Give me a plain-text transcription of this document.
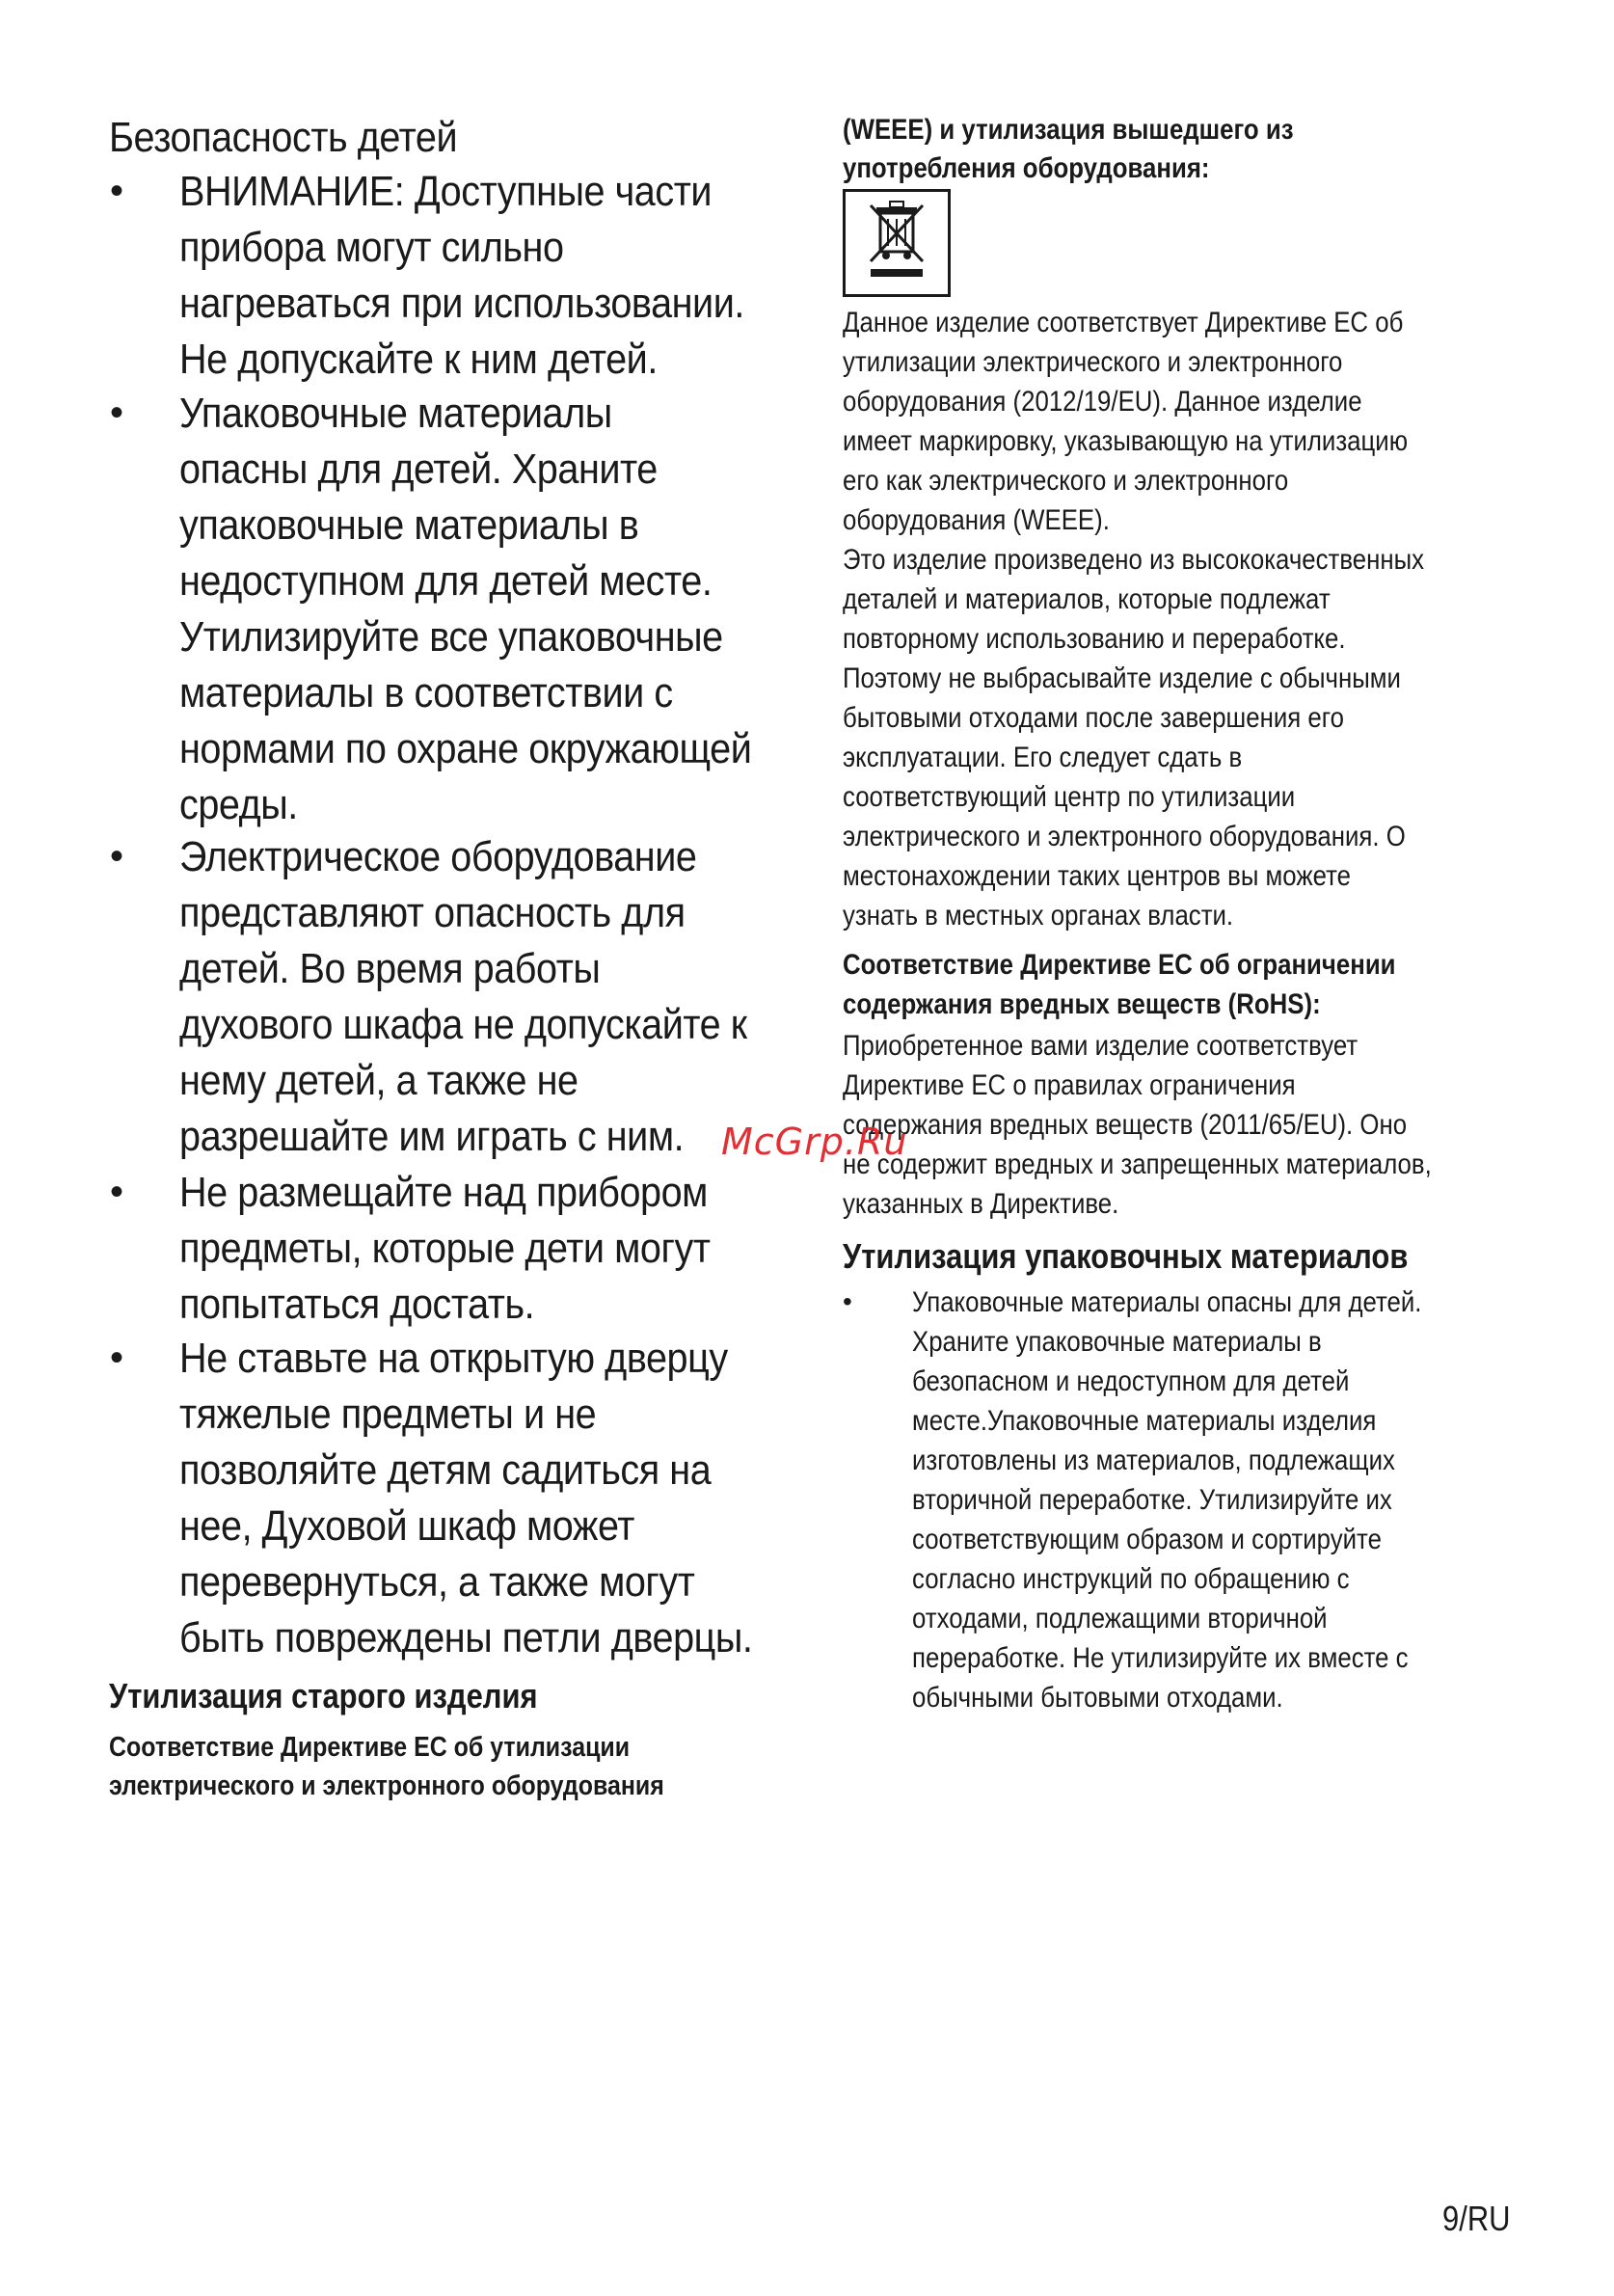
Безопасность детей
• ВНИМАНИЕ: Доступные части
прибора могут сильно
нагреваться при использовании.
Не допускайте к ним детей.
• Упаковочные материалы
опасны для детей. Храните
упаковочные материалы в
недоступном для детей месте.
Утилизируйте все упаковочные
материалы в соответствии с
нормами по охране окружающей
среды.
• Электрическое оборудование
представляют опасность для
детей. Во время работы
духового шкафа не допускайте к
нему детей, а также не
разрешайте им играть с ним.
• Не размещайте над прибором
предметы, которые дети могут
попытаться достать.
• Не ставьте на открытую дверцу
тяжелые предметы и не
позволяйте детям садиться на
нее, Духовой шкаф может
перевернуться, а также могут
быть повреждены петли дверцы.
Утилизация старого изделия
Соответствие Директиве ЕС об утилизации
электрического и электронного оборудования
(WEEE) и утилизация вышедшего из
употребления оборудования:
Данное изделие соответствует Директиве ЕС об
утилизации электрического и электронного
оборудования (2012/19/EU). Данное изделие
имеет маркировку, указывающую на утилизацию
его как электрического и электронного
оборудования (WEEE).
Это изделие произведено из высококачественных
деталей и материалов, которые подлежат
повторному использованию и переработке.
Поэтому не выбрасывайте изделие с обычными
бытовыми отходами после завершения его
эксплуатации. Его следует сдать в
соответствующий центр по утилизации
электрического и электронного оборудования. О
местонахождении таких центров вы можете
узнать в местных органах власти.
Соответствие Директиве ЕС об ограничении
содержания вредных веществ (RoHS):
Приобретенное вами изделие соответствует
Директиве ЕС о правилах ограничения
содержания вредных веществ (2011/65/EU). Оно
не содержит вредных и запрещенных материалов,
указанных в Директиве.
Утилизация упаковочных материалов
• Упаковочные материалы опасны для детей.
Храните упаковочные материалы в
безопасном и недоступном для детей
месте.Упаковочные материалы изделия
изготовлены из материалов, подлежащих
вторичной переработке. Утилизируйте их
соответствующим образом и сортируйте
согласно инструкций по обращению с
отходами, подлежащими вторичной
переработке. Не утилизируйте их вместе с
обычными бытовыми отходами.
McGrp.Ru
9/RU
